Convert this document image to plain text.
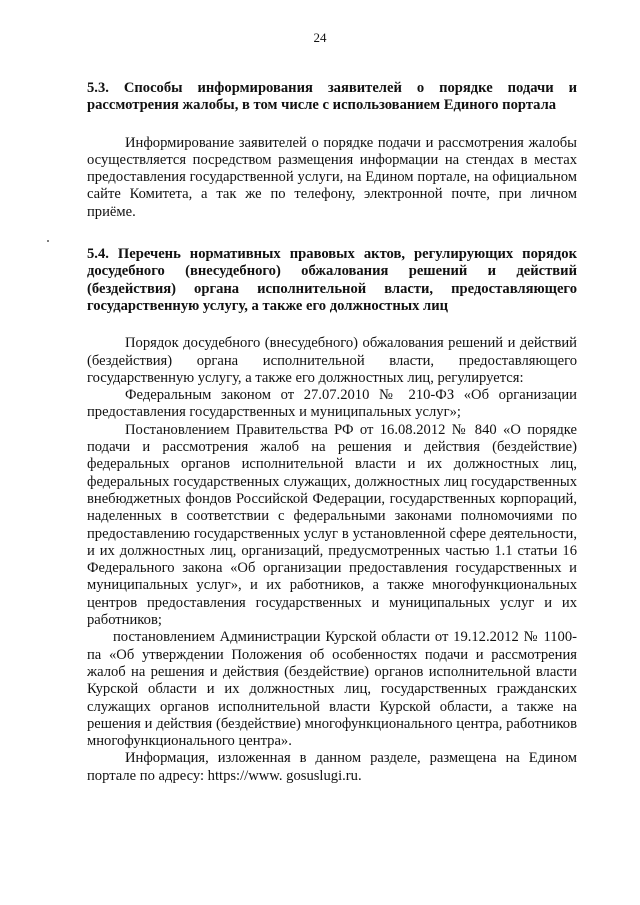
24

5.3. Способы информирования заявителей о порядке подачи и рассмотрения жалобы, в том числе с использованием Единого портала

Информирование заявителей о порядке подачи и рассмотрения жалобы осуществляется посредством размещения информации на стендах в местах предоставления государственной услуги, на Едином портале, на официальном сайте Комитета, а так же по телефону, электронной почте, при личном приёме.

5.4. Перечень нормативных правовых актов, регулирующих порядок досудебного (внесудебного) обжалования решений и действий (бездействия) органа исполнительной власти, предоставляющего государственную услугу, а также его должностных лиц

Порядок досудебного (внесудебного) обжалования решений и действий (бездействия) органа исполнительной власти, предоставляющего государственную услугу, а также его должностных лиц, регулируется:

Федеральным законом от 27.07.2010 № 210-ФЗ «Об организации предоставления государственных и муниципальных услуг»;

Постановлением Правительства РФ от 16.08.2012 № 840 «О порядке подачи и рассмотрения жалоб на решения и действия (бездействие) федеральных органов исполнительной власти и их должностных лиц, федеральных государственных служащих, должностных лиц государственных внебюджетных фондов Российской Федерации, государственных корпораций, наделенных в соответствии с федеральными законами полномочиями по предоставлению государственных услуг в установленной сфере деятельности, и их должностных лиц, организаций, предусмотренных частью 1.1 статьи 16 Федерального закона «Об организации предоставления государственных и муниципальных услуг», и их работников, а также многофункциональных центров предоставления государственных и муниципальных услуг и их работников;

постановлением Администрации Курской области от 19.12.2012 № 1100-па «Об утверждении Положения об особенностях подачи и рассмотрения жалоб на решения и действия (бездействие) органов исполнительной власти Курской области и их должностных лиц, государственных гражданских служащих органов исполнительной власти Курской области, а также на решения и действия (бездействие) многофункционального центра, работников многофункционального центра».

Информация, изложенная в данном разделе, размещена на Едином портале по адресу: https://www. gosuslugi.ru.
